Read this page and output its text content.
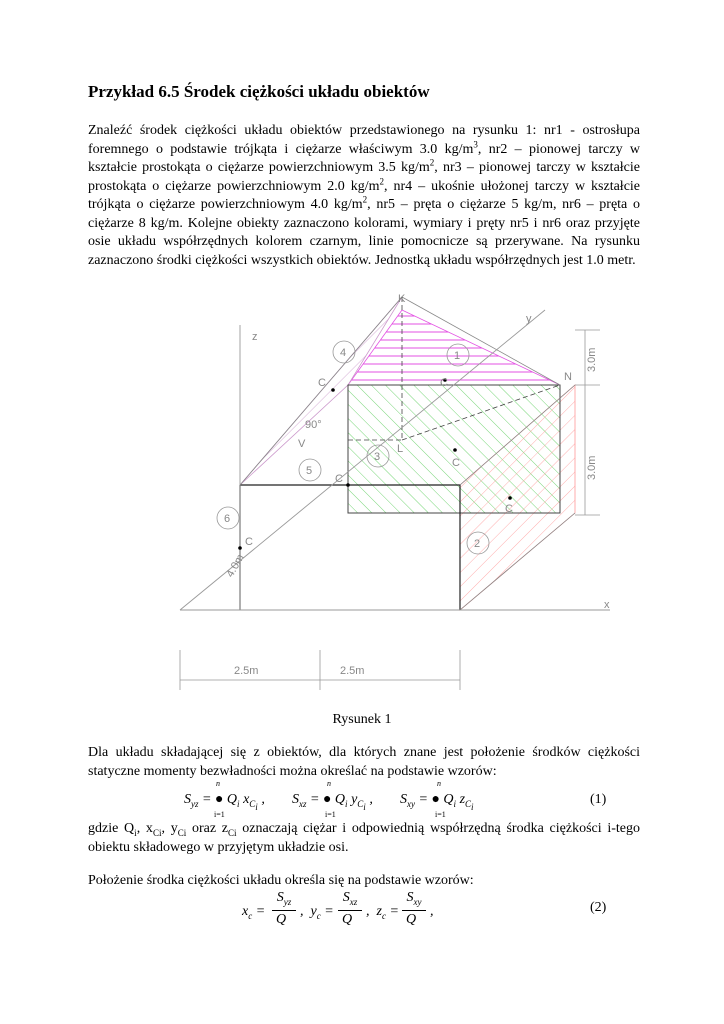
Przykład 6.5 Środek ciężkości układu obiektów

Znaleźć środek ciężkości układu obiektów przedstawionego na rysunku 1: nr1 - ostrosłupa foremnego o podstawie trójkąta i ciężarze właściwym 3.0 $kg/m^3$, nr2 – pionowej tarczy w kształcie prostokąta o ciężarze powierzchniowym 3.5 $kg/m^2$, nr3 – pionowej tarczy w kształcie prostokąta o ciężarze powierzchniowym 2.0 $kg/m^2$, nr4 – ukośnie ułożonej tarczy w kształcie trójkąta o ciężarze powierzchniowym 4.0 $kg/m^2$, nr5 – pręta o ciężarze 5 kg/m, nr6 – pręta o ciężarze 8 kg/m. Kolejne obiekty zaznaczono kolorami, wymiary i pręty nr5 i nr6 oraz przyjęte osie układu współrzędnych kolorem czarnym, linie pomocnicze są przerywane. Na rysunku zaznaczono środki ciężkości wszystkich obiektów. Jednostką układu współrzędnych jest 1.0 metr.

K
N
L
V
z
y
x
90°
3.0m
3.0m
4.0m
2.5m	2.5m
1
2
3
4
5
6
C
C
C
C
C
C
Rysunek 1

Dla układu składającej się z obiektów, dla których znane jest położenie środków ciężkości statyczne momenty bezwładności można określać na podstawie wzorów:

$S_{yz}$ = ● $Q_i$ $x_{C_i}$ ,
n
i=1
$S_{xz}$ = ● $Q_i$ $y_{C_i}$ ,
n
i=1
$S_{xy}$ = ● $Q_i$ $z_{C_i}$
n
i=1
(1)

gdzie $Q_i$, $x_{Ci}$, $y_{Ci}$ oraz $z_{Ci}$ oznaczają ciężar i odpowiednią współrzędną środka ciężkości i-tego obiektu składowego w przyjętym układzie osi.

Położenie środka ciężkości układu określa się na podstawie wzorów:

$x_c$ =
$S_{yz}$
Q
,  $y_c$ =
$S_{xz}$
Q
,  $z_c$ =
$S_{xy}$
Q
,	(2)
